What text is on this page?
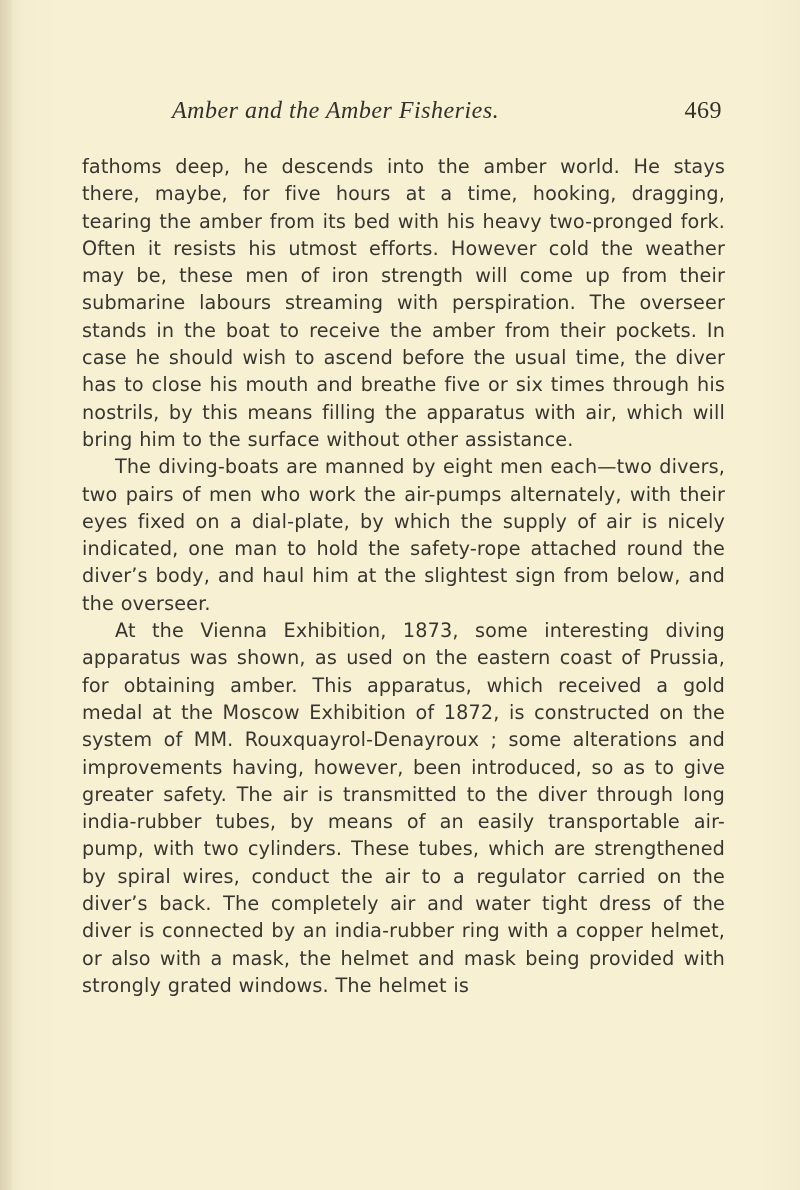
Amber and the Amber Fisheries.	469

fathoms deep, he descends into the amber world. He stays there, maybe, for five hours at a time, hooking, dragging, tearing the amber from its bed with his heavy two-pronged fork. Often it resists his utmost efforts. However cold the weather may be, these men of iron strength will come up from their submarine labours streaming with perspiration. The overseer stands in the boat to receive the amber from their pockets. In case he should wish to ascend before the usual time, the diver has to close his mouth and breathe five or six times through his nostrils, by this means filling the apparatus with air, which will bring him to the surface without other assistance.

The diving-boats are manned by eight men each—two divers, two pairs of men who work the air-pumps alternately, with their eyes fixed on a dial-plate, by which the supply of air is nicely indicated, one man to hold the safety-rope attached round the diver’s body, and haul him at the slightest sign from below, and the overseer.

At the Vienna Exhibition, 1873, some interesting diving apparatus was shown, as used on the eastern coast of Prussia, for obtaining amber. This apparatus, which received a gold medal at the Moscow Exhibition of 1872, is constructed on the system of MM. Rouxquayrol-Denayroux ; some alterations and improvements having, however, been introduced, so as to give greater safety. The air is transmitted to the diver through long india-rubber tubes, by means of an easily transportable air-pump, with two cylinders. These tubes, which are strengthened by spiral wires, conduct the air to a regulator carried on the diver’s back. The completely air and water tight dress of the diver is connected by an india-rubber ring with a copper helmet, or also with a mask, the helmet and mask being provided with strongly grated windows. The helmet is
